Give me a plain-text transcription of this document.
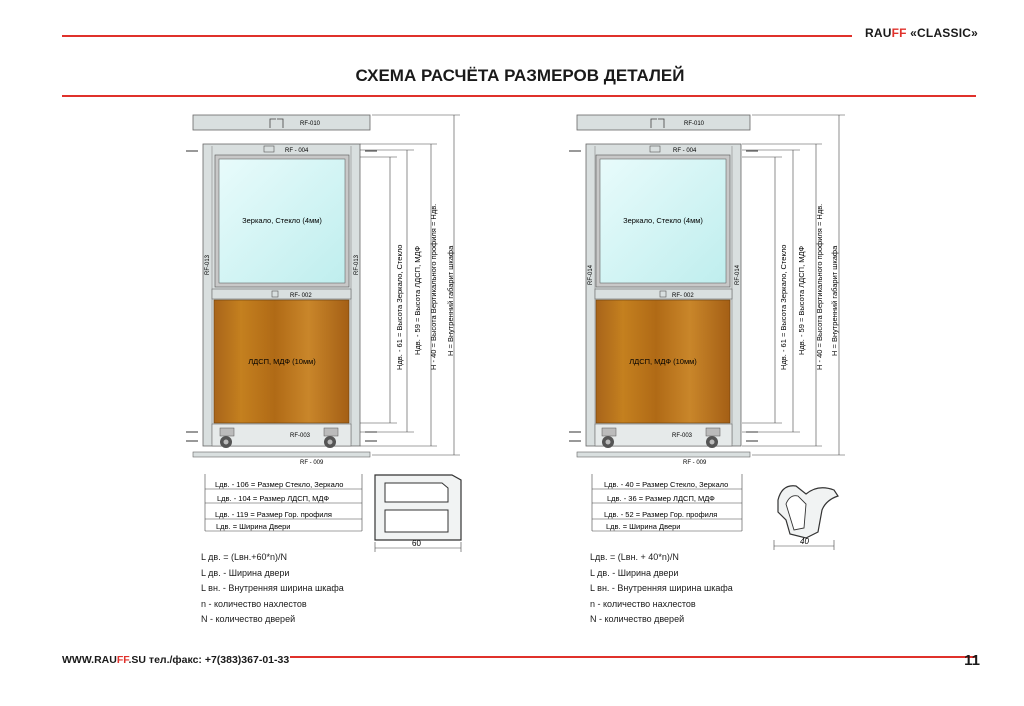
RAUFF «CLASSIC»
СХЕМА РАСЧЁТА РАЗМЕРОВ ДЕТАЛЕЙ
RF-010
RF - 004
Зеркало, Стекло (4мм)
RF- 002
ЛДСП, МДФ (10мм)
RF-003
RF-013	RF-013
RF - 009
Hдв. - 61 = Высота Зеркало, Стекло Hдв. - 59 = Высота ЛДСП, МДФ H - 40 = Высота Вертикального профиля = Hдв. H = Внутренний габарит шкафа
Lдв. - 106 = Размер Стекло, Зеркало
Lдв. - 104 = Размер ЛДСП, МДФ
Lдв. - 119 = Размер Гор. профиля
Lдв. = Ширина Двери
60
RF-010
RF - 004
Зеркало, Стекло (4мм)
RF- 002
ЛДСП, МДФ (10мм)
RF-003
RF-014	RF-014
RF - 009
Hдв. - 61 = Высота Зеркало, Стекло Hдв. - 59 = Высота ЛДСП, МДФ H - 40 = Высота Вертикального профиля = Hдв. H = Внутренний габарит шкафа
Lдв. - 40 = Размер Стекло, Зеркало
Lдв. - 36 = Размер ЛДСП, МДФ
Lдв. - 52 = Размер Гор. профиля
Lдв. = Ширина Двери
40
L дв. = (Lвн.+60*n)/N
L дв. - Ширина двери
L вн. - Внутренняя ширина шкафа
n - количество нахлестов
N - количество дверей
Lдв. = (Lвн. + 40*n)/N
L дв. - Ширина двери
L вн. - Внутренняя ширина шкафа
n - количество нахлестов
N - количество дверей
WWW.RAUFF.SU тел./факс: +7(383)367-01-33	11
